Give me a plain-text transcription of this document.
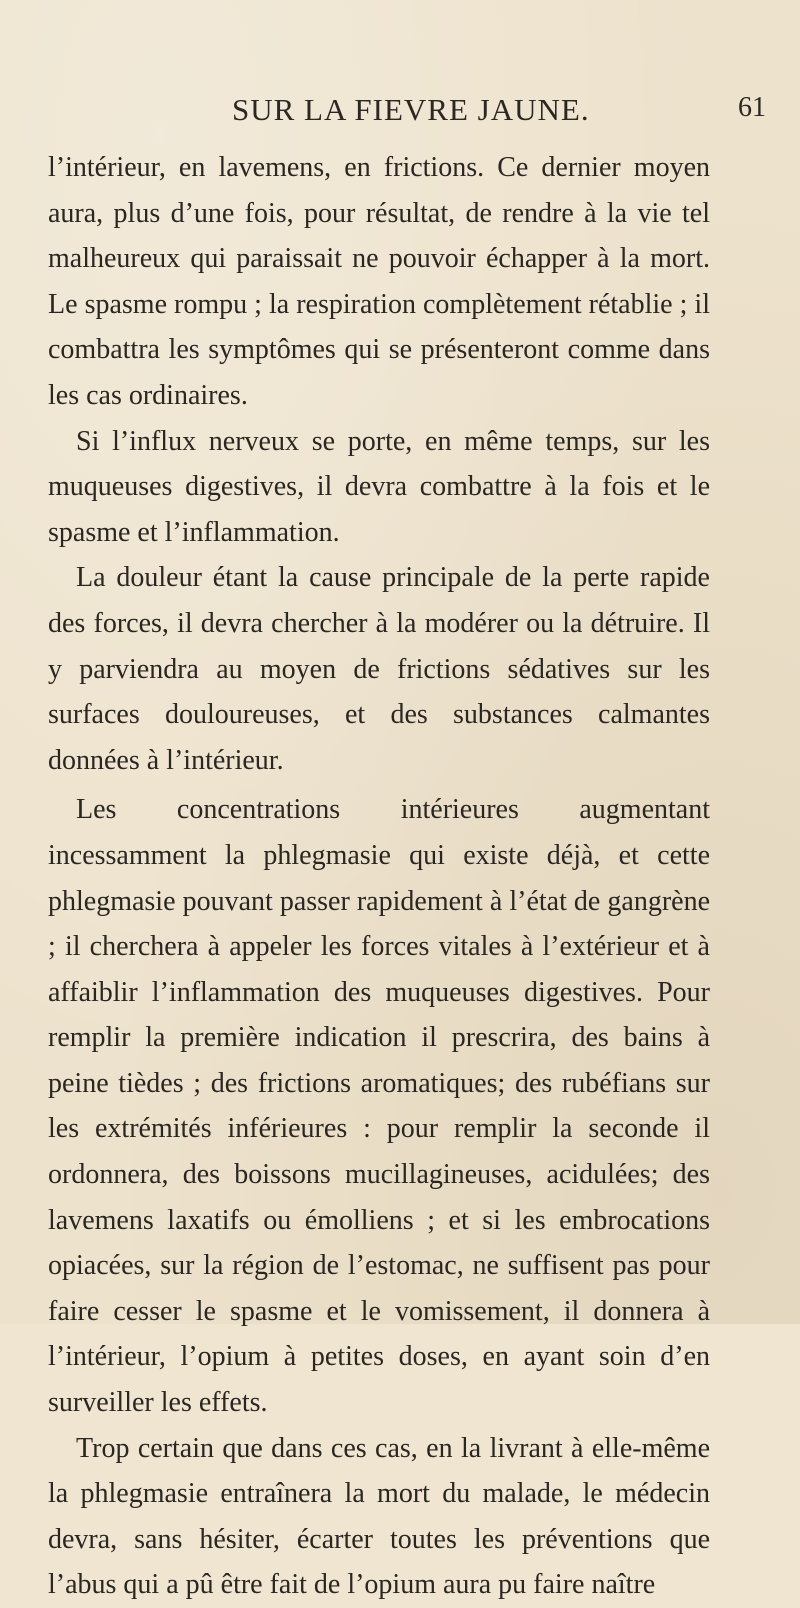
SUR LA FIEVRE JAUNE.	61

l’intérieur, en lavemens, en frictions. Ce dernier moyen aura, plus d’une fois, pour résultat, de rendre à la vie tel malheureux qui paraissait ne pouvoir échapper à la mort. Le spasme rompu ; la respiration complètement rétablie ; il combattra les symptômes qui se présenteront comme dans les cas ordinaires.

Si l’influx nerveux se porte, en même temps, sur les muqueuses digestives, il devra combattre à la fois et le spasme et l’inflammation.

La douleur étant la cause principale de la perte rapide des forces, il devra chercher à la modérer ou la détruire. Il y parviendra au moyen de frictions sédatives sur les surfaces douloureuses, et des substances calmantes données à l’intérieur.

Les concentrations intérieures augmentant incessamment la phlegmasie qui existe déjà, et cette phlegmasie pouvant passer rapidement à l’état de gangrène ; il cherchera à appeler les forces vitales à l’extérieur et à affaiblir l’inflammation des muqueuses digestives. Pour remplir la première indication il prescrira, des bains à peine tièdes ; des frictions aromatiques; des rubéfians sur les extrémités inférieures : pour remplir la seconde il ordonnera, des boissons mucillagineuses, acidulées; des lavemens laxatifs ou émolliens ; et si les embrocations opiacées, sur la région de l’estomac, ne suffisent pas pour faire cesser le spasme et le vomissement, il donnera à l’intérieur, l’opium à petites doses, en ayant soin d’en surveiller les effets.

Trop certain que dans ces cas, en la livrant à elle-même la phlegmasie entraînera la mort du malade, le médecin devra, sans hésiter, écarter toutes les préventions que l’abus qui a pû être fait de l’opium aura pu faire naître
